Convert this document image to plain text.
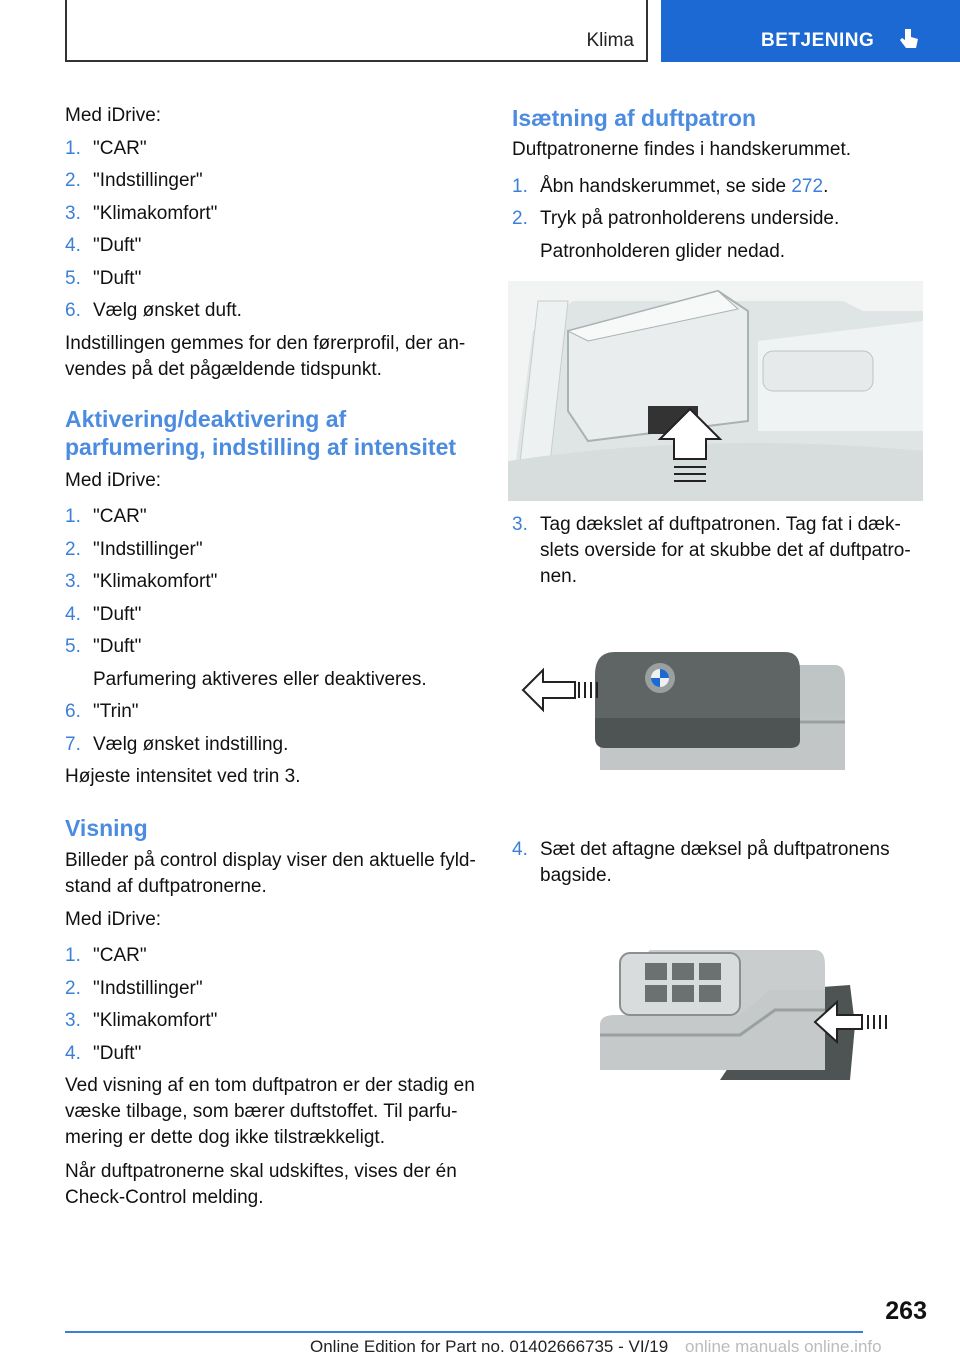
Klima	BETJENING

Med iDrive:

1. "CAR"
2. "Indstillinger"
3. "Klimakomfort"
4. "Duft"
5. "Duft"
6. Vælg ønsket duft.

Indstillingen gemmes for den førerprofil, der an‐
vendes på det pågældende tidspunkt.

Aktivering/deaktivering af
parfumering, indstilling af intensitet

Med iDrive:

1. "CAR"
2. "Indstillinger"
3. "Klimakomfort"
4. "Duft"
5. "Duft"

Parfumering aktiveres eller deaktiveres.

6. "Trin"
7. Vælg ønsket indstilling.

Højeste intensitet ved trin 3.

Visning

Billeder på control display viser den aktuelle fyld‐
stand af duftpatronerne.

Med iDrive:

1. "CAR"
2. "Indstillinger"
3. "Klimakomfort"
4. "Duft"

Ved visning af en tom duftpatron er der stadig en
væske tilbage, som bærer duftstoffet. Til parfu‐
mering er dette dog ikke tilstrækkeligt.

Når duftpatronerne skal udskiftes, vises der én
Check-Control melding.

Isætning af duftpatron

Duftpatronerne findes i handskerummet.

1. Åbn handskerummet, se side 272.
2. Tryk på patronholderens underside.

Patronholderen glider nedad.

3. Tag dækslet af duftpatronen. Tag fat i dæk‐
slets overside for at skubbe det af duftpatro‐
nen.
4. Sæt det aftagne dæksel på duftpatronens
bagside.
263
Online Edition for Part no. 01402666735 - VI/19 online manuals online.info
